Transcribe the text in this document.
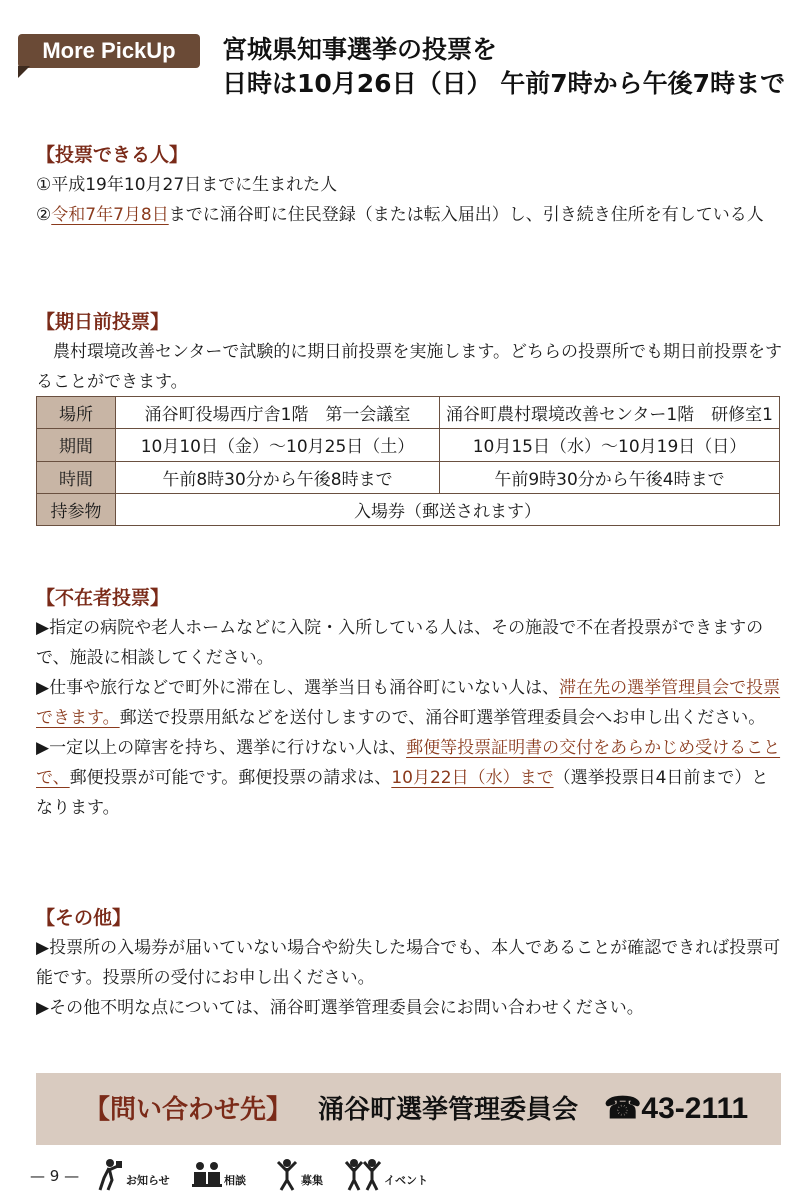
More PickUp	宮城県知事選挙の投票を
日時は10月26日（日） 午前7時から午後7時まで
【投票できる人】
①平成19年10月27日までに生まれた人
②令和7年7月8日までに涌谷町に住民登録（または転入届出）し、引き続き住所を有している人
【期日前投票】
農村環境改善センターで試験的に期日前投票を実施します。どちらの投票所でも期日前投票をすることができます。
場所	涌谷町役場西庁舎1階　第一会議室	涌谷町農村環境改善センター1階　研修室1
期間	10月10日（金）～10月25日（土）	10月15日（水）～10月19日（日）
時間	午前8時30分から午後8時まで	午前9時30分から午後4時まで
持参物	入場券（郵送されます）	
【不在者投票】
▶指定の病院や老人ホームなどに入院・入所している人は、その施設で不在者投票ができますので、施設に相談してください。
▶仕事や旅行などで町外に滞在し、選挙当日も涌谷町にいない人は、滞在先の選挙管理員会で投票できます。郵送で投票用紙などを送付しますので、涌谷町選挙管理委員会へお申し出ください。
▶一定以上の障害を持ち、選挙に行けない人は、郵便等投票証明書の交付をあらかじめ受けることで、郵便投票が可能です。郵便投票の請求は、10月22日（水）まで（選挙投票日4日前まで）となります。
【その他】
▶投票所の入場券が届いていない場合や紛失した場合でも、本人であることが確認できれば投票可能です。投票所の受付にお申し出ください。
▶その他不明な点については、涌谷町選挙管理委員会にお問い合わせください。
【問い合わせ先】 涌谷町選挙管理委員会 ☎43-2111
— 9 —	お知らせ	相談	募集	イベント
